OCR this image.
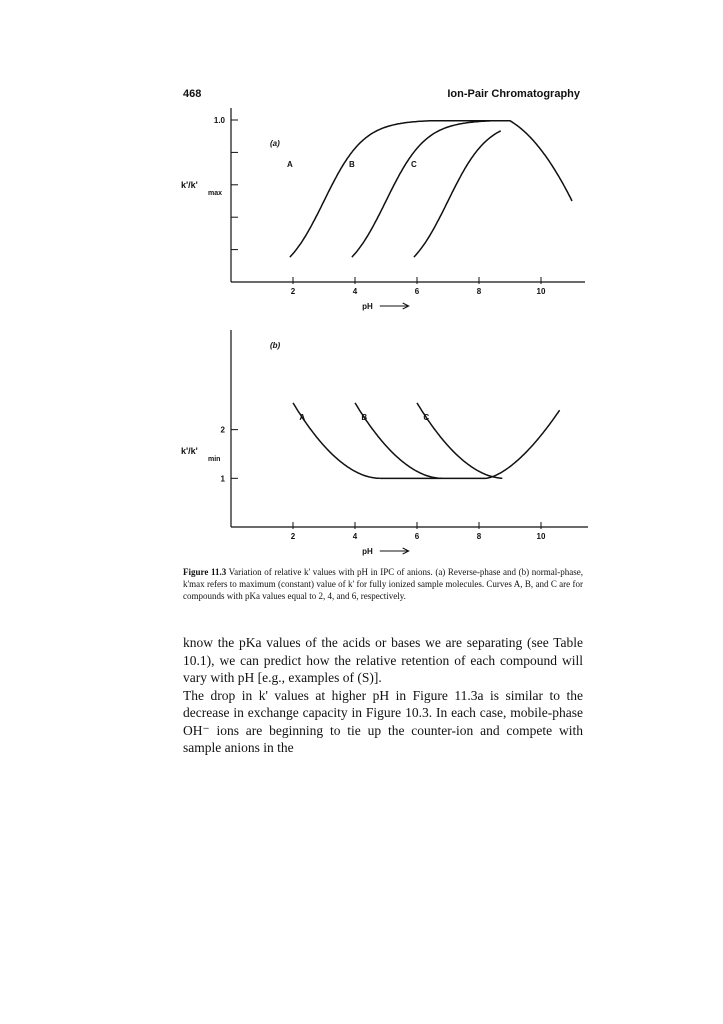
468	Ion-Pair Chromatography
2	4	6	8	10
1.0
pH
k'/k'
max
(a)
A	B	C
2	4	6	8	10
1
2
pH
k'/k'
min
(b)
A	B	C
Figure 11.3 Variation of relative k' values with pH in IPC of anions. (a) Reverse-phase and (b) normal-phase, k'max refers to maximum (constant) value of k' for fully ionized sample molecules. Curves A, B, and C are for compounds with pKa values equal to 2, 4, and 6, respectively.

know the pKa values of the acids or bases we are separating (see Table 10.1), we can predict how the relative retention of each compound will vary with pH [e.g., examples of (S)].

The drop in k' values at higher pH in Figure 11.3a is similar to the decrease in exchange capacity in Figure 10.3. In each case, mobile-phase OH⁻ ions are beginning to tie up the counter-ion and compete with sample anions in the
